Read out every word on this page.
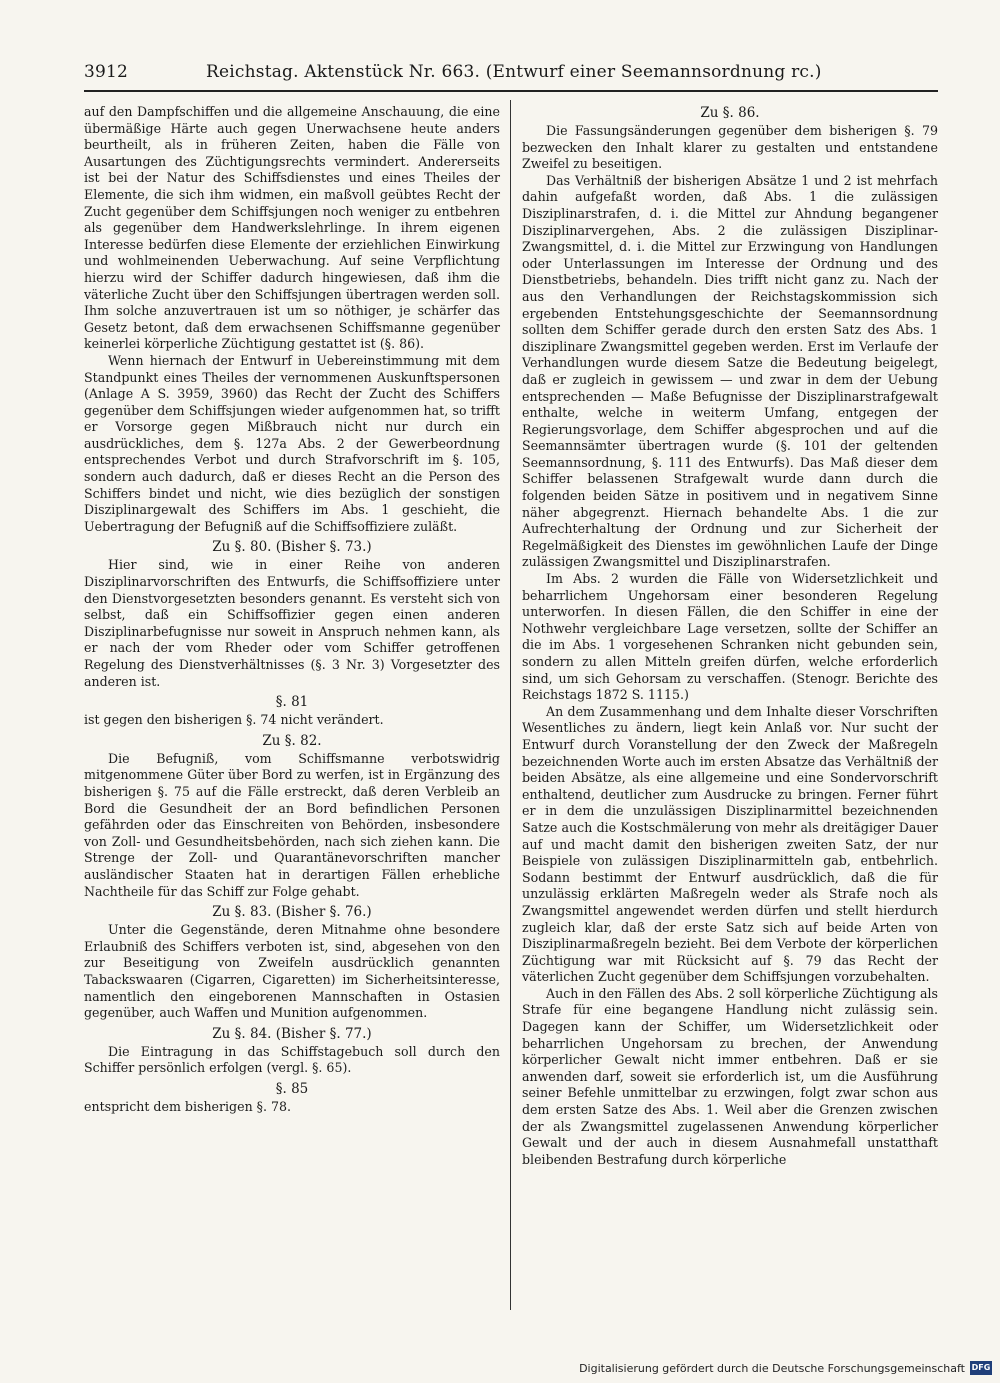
3912	Reichstag. Aktenstück Nr. 663. (Entwurf einer Seemannsordnung rc.)

auf den Dampfschiffen und die allgemeine Anschauung, die eine übermäßige Härte auch gegen Unerwachsene heute anders beurtheilt, als in früheren Zeiten, haben die Fälle von Ausartungen des Züchtigungsrechts vermindert. Andererseits ist bei der Natur des Schiffsdienstes und eines Theiles der Elemente, die sich ihm widmen, ein maßvoll geübtes Recht der Zucht gegenüber dem Schiffsjungen noch weniger zu entbehren als gegenüber dem Handwerkslehrlinge. In ihrem eigenen Interesse bedürfen diese Elemente der erziehlichen Einwirkung und wohlmeinenden Ueberwachung. Auf seine Verpflichtung hierzu wird der Schiffer dadurch hingewiesen, daß ihm die väterliche Zucht über den Schiffsjungen übertragen werden soll. Ihm solche anzuvertrauen ist um so nöthiger, je schärfer das Gesetz betont, daß dem erwachsenen Schiffsmanne gegenüber keinerlei körperliche Züchtigung gestattet ist (§. 86).

Wenn hiernach der Entwurf in Uebereinstimmung mit dem Standpunkt eines Theiles der vernommenen Auskunftspersonen (Anlage A S. 3959, 3960) das Recht der Zucht des Schiffers gegenüber dem Schiffsjungen wieder aufgenommen hat, so trifft er Vorsorge gegen Mißbrauch nicht nur durch ein ausdrückliches, dem §. 127a Abs. 2 der Gewerbeordnung entsprechendes Verbot und durch Strafvorschrift im §. 105, sondern auch dadurch, daß er dieses Recht an die Person des Schiffers bindet und nicht, wie dies bezüglich der sonstigen Disziplinargewalt des Schiffers im Abs. 1 geschieht, die Uebertragung der Befugniß auf die Schiffsoffiziere zuläßt.

Zu §. 80. (Bisher §. 73.)

Hier sind, wie in einer Reihe von anderen Disziplinarvorschriften des Entwurfs, die Schiffsoffiziere unter den Dienstvorgesetzten besonders genannt. Es versteht sich von selbst, daß ein Schiffsoffizier gegen einen anderen Disziplinarbefugnisse nur soweit in Anspruch nehmen kann, als er nach der vom Rheder oder vom Schiffer getroffenen Regelung des Dienstverhältnisses (§. 3 Nr. 3) Vorgesetzter des anderen ist.

§. 81

ist gegen den bisherigen §. 74 nicht verändert.

Zu §. 82.

Die Befugniß, vom Schiffsmanne verbotswidrig mitgenommene Güter über Bord zu werfen, ist in Ergänzung des bisherigen §. 75 auf die Fälle erstreckt, daß deren Verbleib an Bord die Gesundheit der an Bord befindlichen Personen gefährden oder das Einschreiten von Behörden, insbesondere von Zoll- und Gesundheitsbehörden, nach sich ziehen kann. Die Strenge der Zoll- und Quarantänevorschriften mancher ausländischer Staaten hat in derartigen Fällen erhebliche Nachtheile für das Schiff zur Folge gehabt.

Zu §. 83. (Bisher §. 76.)

Unter die Gegenstände, deren Mitnahme ohne besondere Erlaubniß des Schiffers verboten ist, sind, abgesehen von den zur Beseitigung von Zweifeln ausdrücklich genannten Tabackswaaren (Cigarren, Cigaretten) im Sicherheitsinteresse, namentlich den eingeborenen Mannschaften in Ostasien gegenüber, auch Waffen und Munition aufgenommen.

Zu §. 84. (Bisher §. 77.)

Die Eintragung in das Schiffstagebuch soll durch den Schiffer persönlich erfolgen (vergl. §. 65).

§. 85

entspricht dem bisherigen §. 78.

Zu §. 86.

Die Fassungsänderungen gegenüber dem bisherigen §. 79 bezwecken den Inhalt klarer zu gestalten und entstandene Zweifel zu beseitigen.

Das Verhältniß der bisherigen Absätze 1 und 2 ist mehrfach dahin aufgefaßt worden, daß Abs. 1 die zulässigen Disziplinarstrafen, d. i. die Mittel zur Ahndung begangener Disziplinarvergehen, Abs. 2 die zulässigen Disziplinar-Zwangsmittel, d. i. die Mittel zur Erzwingung von Handlungen oder Unterlassungen im Interesse der Ordnung und des Dienstbetriebs, behandeln. Dies trifft nicht ganz zu. Nach der aus den Verhandlungen der Reichstagskommission sich ergebenden Entstehungsgeschichte der Seemannsordnung sollten dem Schiffer gerade durch den ersten Satz des Abs. 1 disziplinare Zwangsmittel gegeben werden. Erst im Verlaufe der Verhandlungen wurde diesem Satze die Bedeutung beigelegt, daß er zugleich in gewissem — und zwar in dem der Uebung entsprechenden — Maße Befugnisse der Disziplinarstrafgewalt enthalte, welche in weiterm Umfang, entgegen der Regierungsvorlage, dem Schiffer abgesprochen und auf die Seemannsämter übertragen wurde (§. 101 der geltenden Seemannsordnung, §. 111 des Entwurfs). Das Maß dieser dem Schiffer belassenen Strafgewalt wurde dann durch die folgenden beiden Sätze in positivem und in negativem Sinne näher abgegrenzt. Hiernach behandelte Abs. 1 die zur Aufrechterhaltung der Ordnung und zur Sicherheit der Regelmäßigkeit des Dienstes im gewöhnlichen Laufe der Dinge zulässigen Zwangsmittel und Disziplinarstrafen.

Im Abs. 2 wurden die Fälle von Widersetzlichkeit und beharrlichem Ungehorsam einer besonderen Regelung unterworfen. In diesen Fällen, die den Schiffer in eine der Nothwehr vergleichbare Lage versetzen, sollte der Schiffer an die im Abs. 1 vorgesehenen Schranken nicht gebunden sein, sondern zu allen Mitteln greifen dürfen, welche erforderlich sind, um sich Gehorsam zu verschaffen. (Stenogr. Berichte des Reichstags 1872 S. 1115.)

An dem Zusammenhang und dem Inhalte dieser Vorschriften Wesentliches zu ändern, liegt kein Anlaß vor. Nur sucht der Entwurf durch Voranstellung der den Zweck der Maßregeln bezeichnenden Worte auch im ersten Absatze das Verhältniß der beiden Absätze, als eine allgemeine und eine Sondervorschrift enthaltend, deutlicher zum Ausdrucke zu bringen. Ferner führt er in dem die unzulässigen Disziplinarmittel bezeichnenden Satze auch die Kostschmälerung von mehr als dreitägiger Dauer auf und macht damit den bisherigen zweiten Satz, der nur Beispiele von zulässigen Disziplinarmitteln gab, entbehrlich. Sodann bestimmt der Entwurf ausdrücklich, daß die für unzulässig erklärten Maßregeln weder als Strafe noch als Zwangsmittel angewendet werden dürfen und stellt hierdurch zugleich klar, daß der erste Satz sich auf beide Arten von Disziplinarmaßregeln bezieht. Bei dem Verbote der körperlichen Züchtigung war mit Rücksicht auf §. 79 das Recht der väterlichen Zucht gegenüber dem Schiffsjungen vorzubehalten.

Auch in den Fällen des Abs. 2 soll körperliche Züchtigung als Strafe für eine begangene Handlung nicht zulässig sein. Dagegen kann der Schiffer, um Widersetzlichkeit oder beharrlichen Ungehorsam zu brechen, der Anwendung körperlicher Gewalt nicht immer entbehren. Daß er sie anwenden darf, soweit sie erforderlich ist, um die Ausführung seiner Befehle unmittelbar zu erzwingen, folgt zwar schon aus dem ersten Satze des Abs. 1. Weil aber die Grenzen zwischen der als Zwangsmittel zugelassenen Anwendung körperlicher Gewalt und der auch in diesem Ausnahmefall unstatthaft bleibenden Bestrafung durch körperliche

Digitalisierung gefördert durch die Deutsche Forschungsgemeinschaft DFG
